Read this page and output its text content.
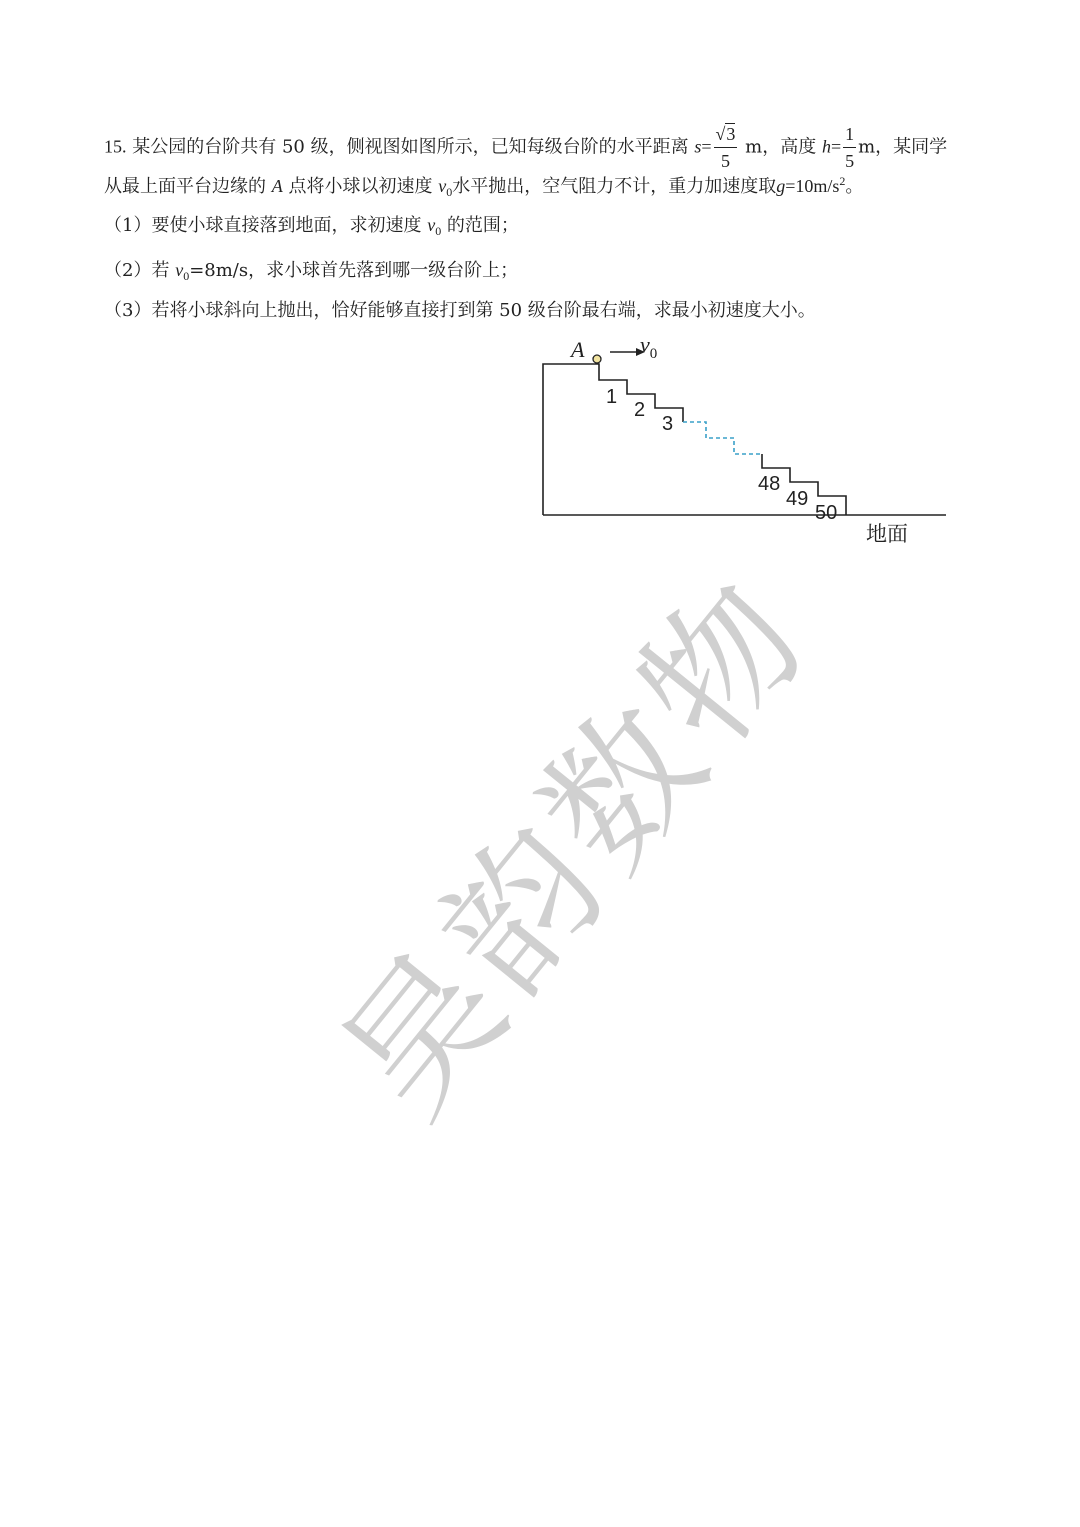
15. 某公园的台阶共有 50 级，侧视图如图所示，已知每级台阶的水平距离 $s= \frac{√3}{5}$ m，高度 $h= \frac{1}{5}$ m，某同学
从最上面平台边缘的 A 点将小球以初速度 $v_0$水平抛出，空气阻力不计，重力加速度取$g=10m/s^2$。
（1）要使小球直接落到地面，求初速度 $v_0$ 的范围；
（2）若 $v_0=8m/s$，求小球首先落到哪一级台阶上；
（3）若将小球斜向上抛出，恰好能够直接打到第 50 级台阶最右端，求最小初速度大小。
A	$v_0$
1
2
3
48
49
50
地面
昊韵数物
